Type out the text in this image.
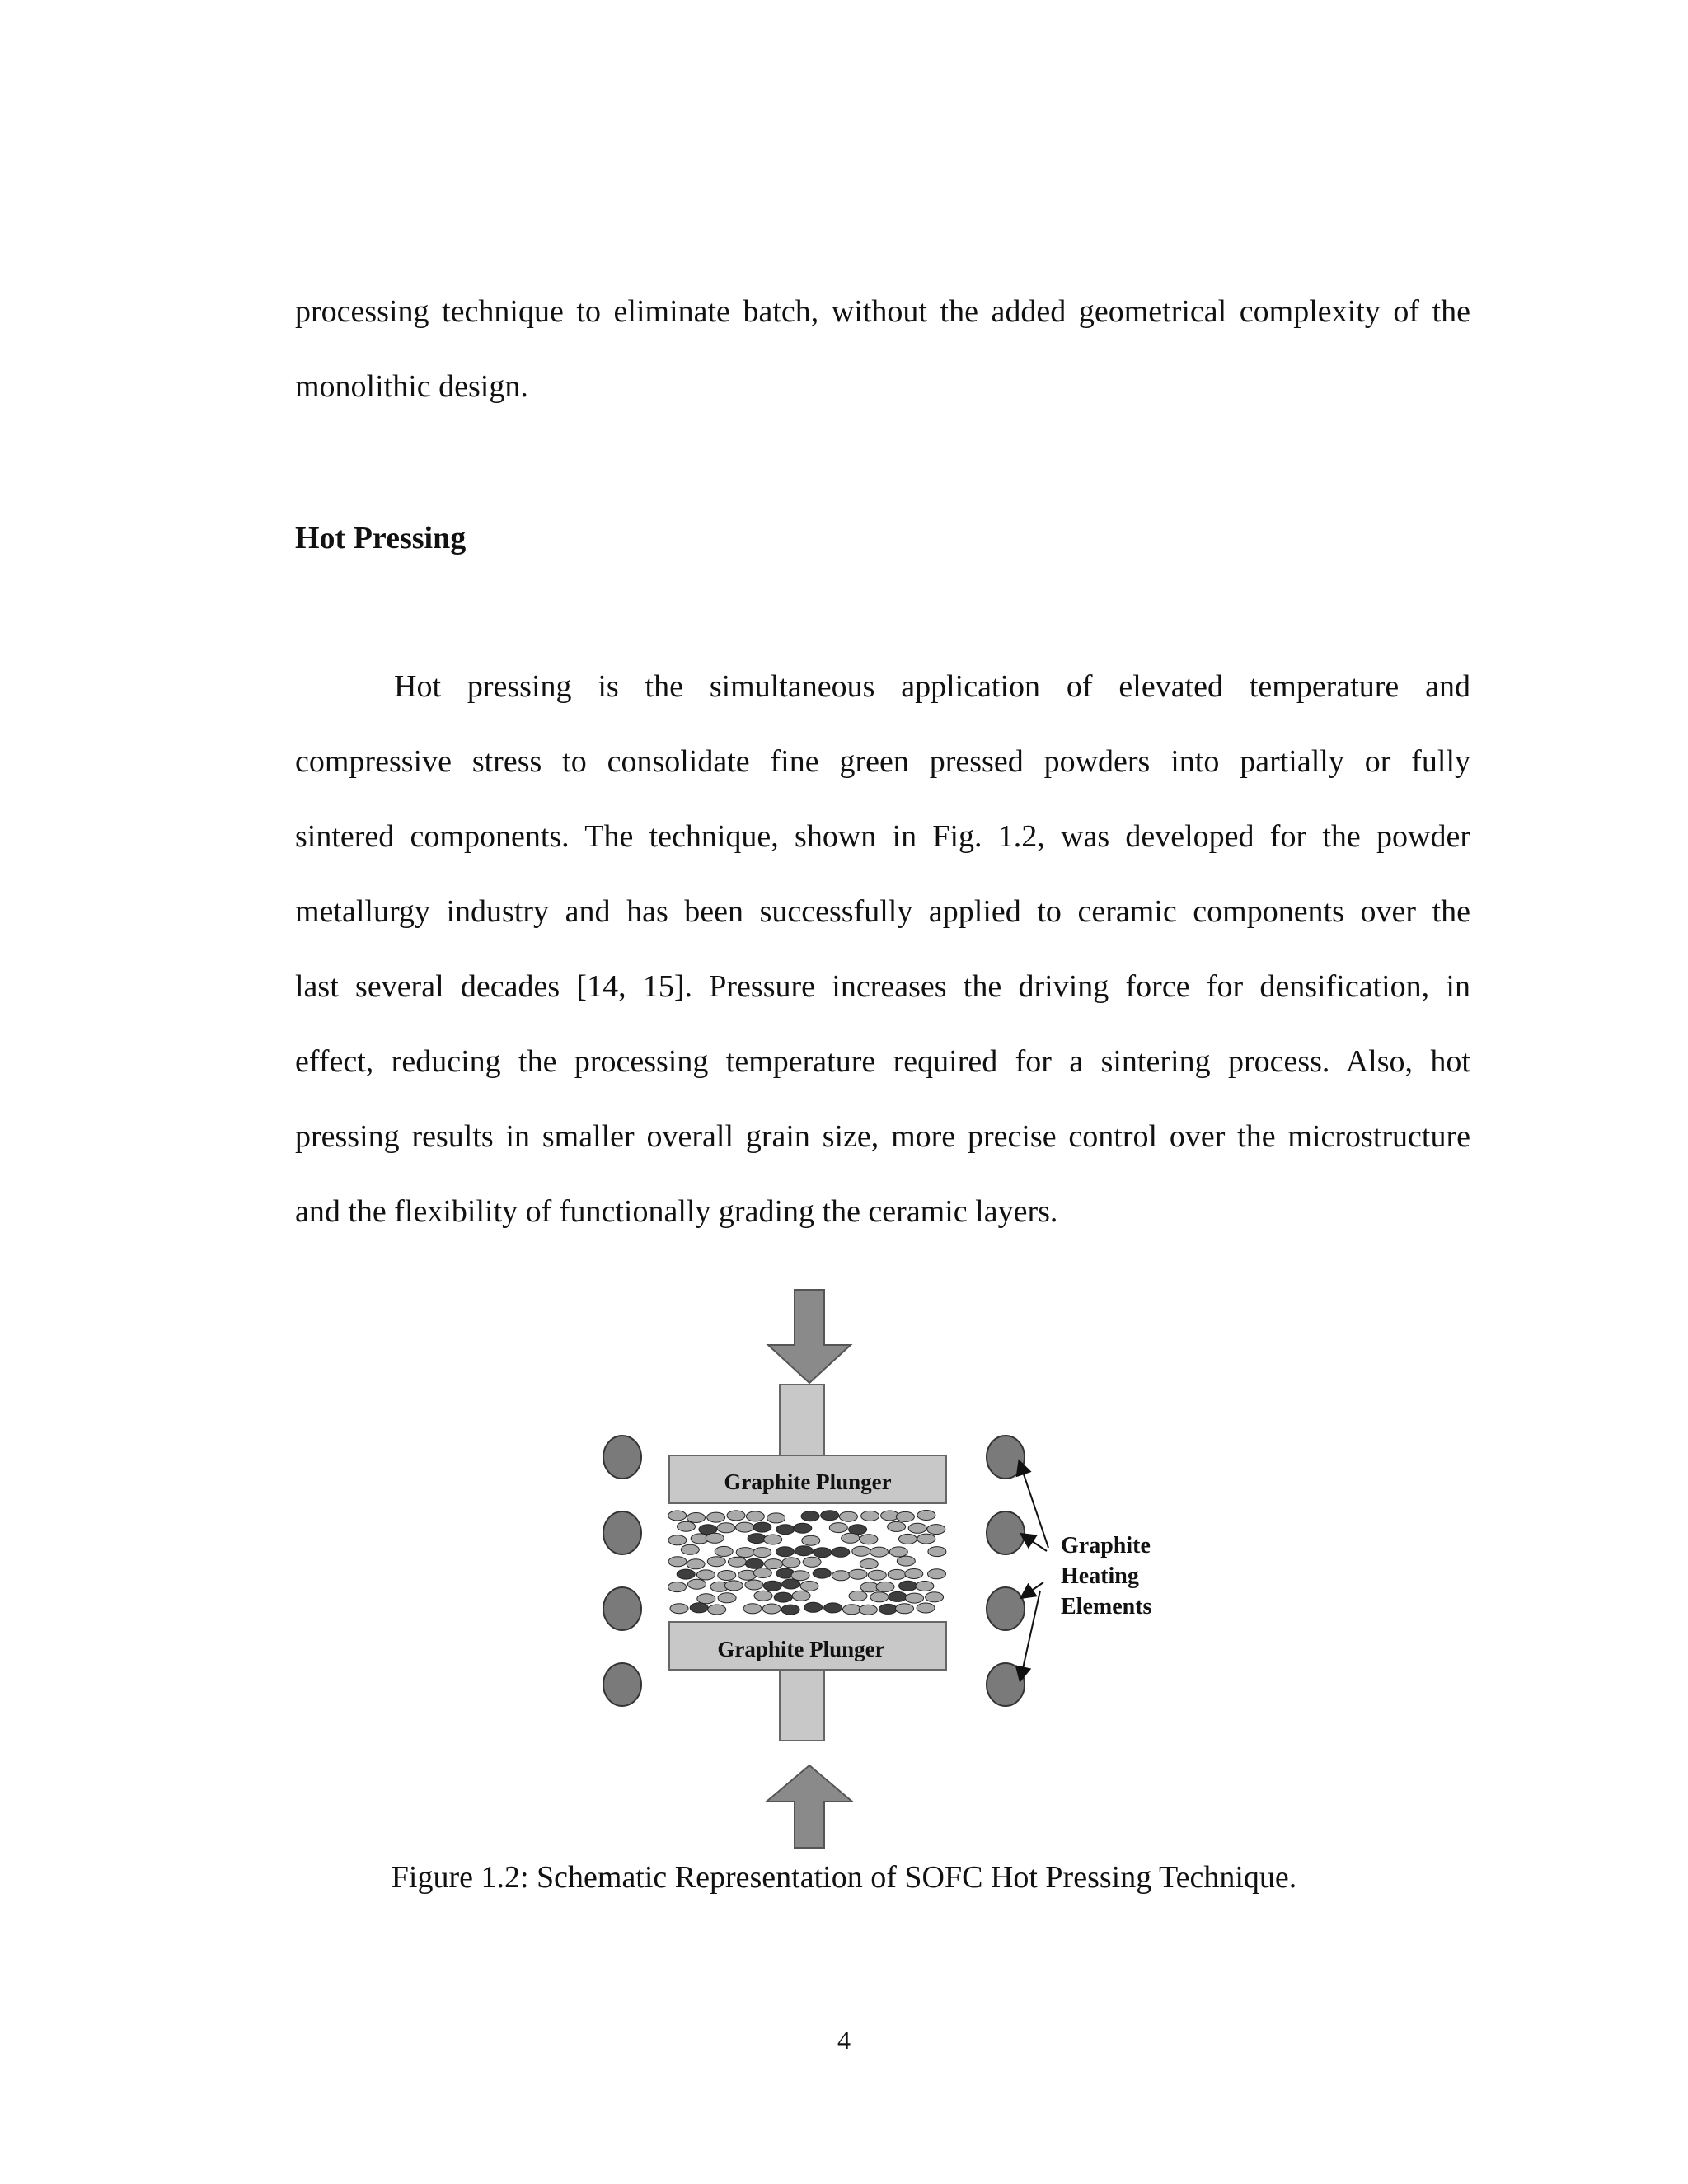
processing technique to eliminate batch, without the added geometrical complexity of the
monolithic design.
Hot Pressing
Hot pressing is the simultaneous application of elevated temperature and
compressive stress to consolidate fine green pressed powders into partially or fully
sintered components. The technique, shown in Fig. 1.2, was developed for the powder
metallurgy industry and has been successfully applied to ceramic components over the
last several decades [14, 15]. Pressure increases the driving force for densification, in
effect, reducing the processing temperature required for a sintering process. Also, hot
pressing results in smaller overall grain size, more precise control over the microstructure
and the flexibility of functionally grading the ceramic layers.
Graphite Plunger
Graphite Plunger
Graphite Heating Elements
Figure 1.2: Schematic Representation of SOFC Hot Pressing Technique.
4
